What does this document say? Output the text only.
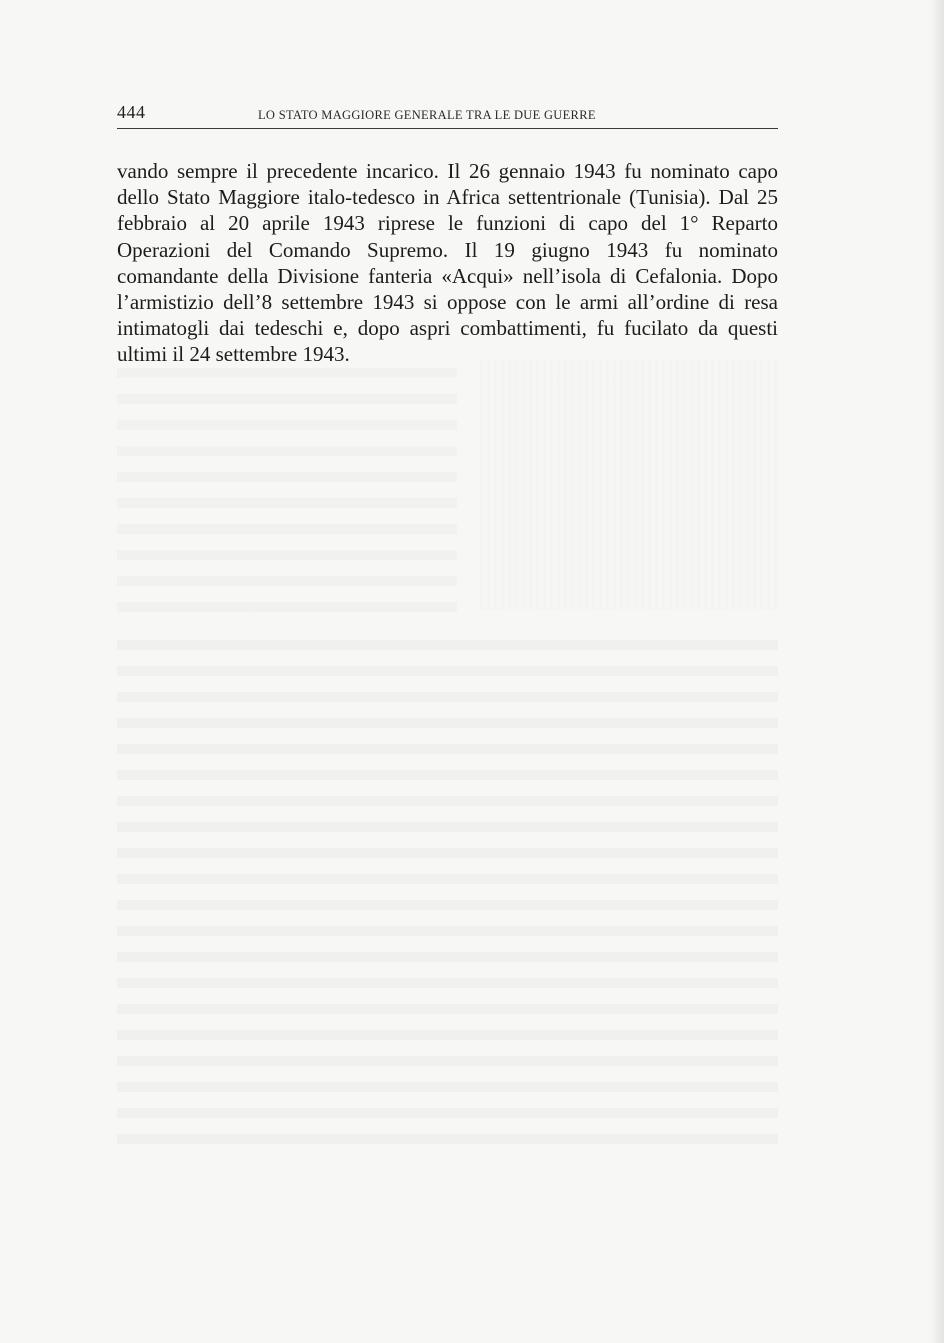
444	LO STATO MAGGIORE GENERALE TRA LE DUE GUERRE

vando sempre il precedente incarico. Il 26 gennaio 1943 fu nominato capo dello Stato Maggiore italo-tedesco in Africa settentrionale (Tunisia). Dal 25 febbraio al 20 aprile 1943 riprese le funzioni di capo del 1° Reparto Operazioni del Comando Supremo. Il 19 giugno 1943 fu nominato comandante della Divisione fanteria «Acqui» nell’isola di Cefalonia. Dopo l’armistizio dell’8 settembre 1943 si oppose con le armi all’ordine di resa intimatogli dai tedeschi e, dopo aspri combattimenti, fu fucilato da questi ultimi il 24 settembre 1943.
